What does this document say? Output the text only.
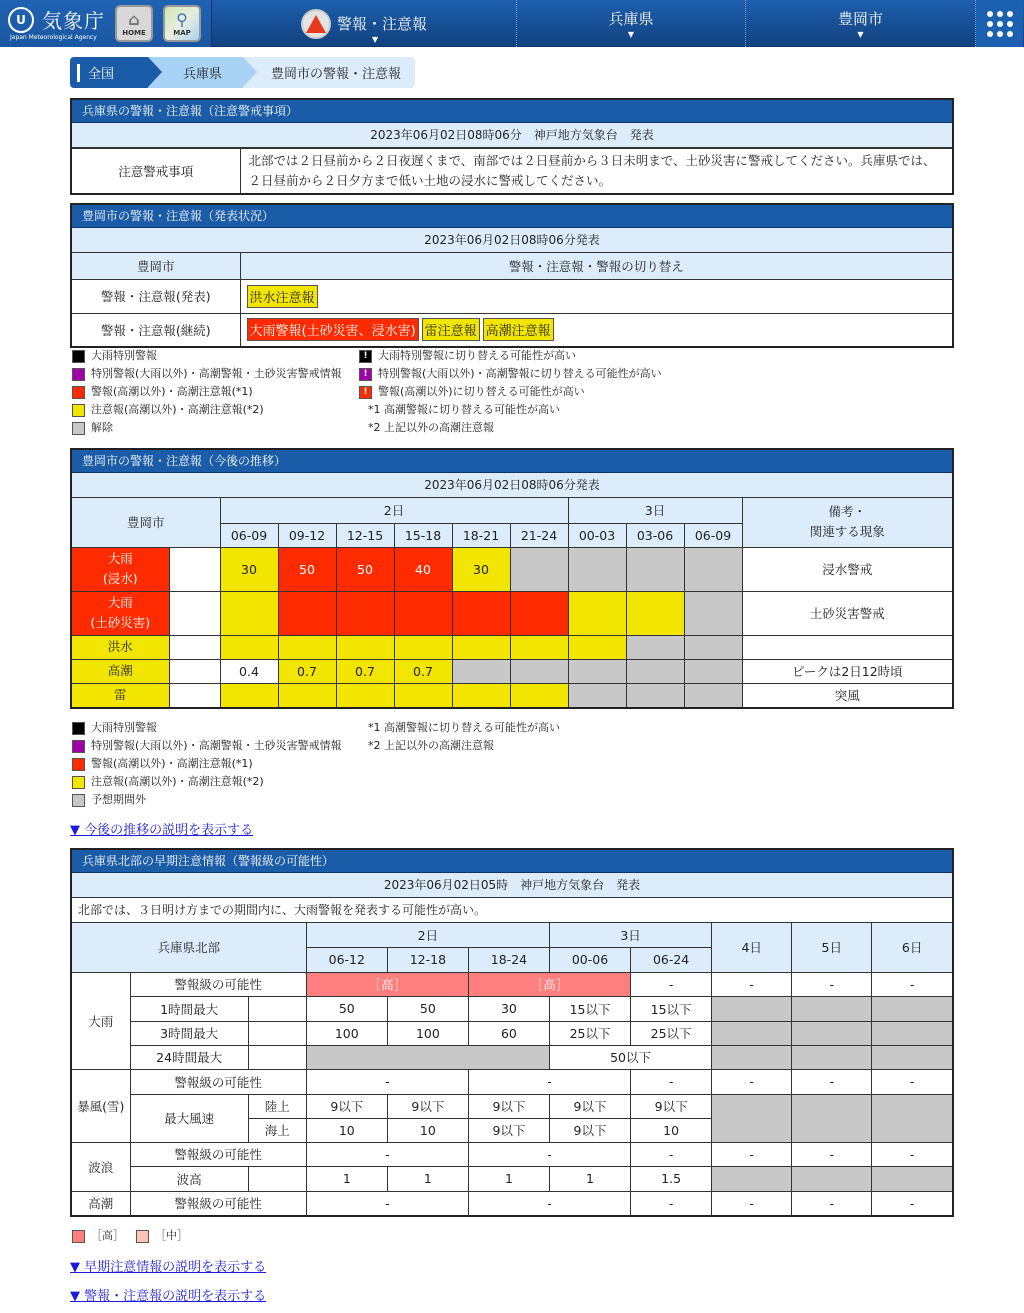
U 気象庁
Japan Meteorological Agency
⌂
HOME
⚲
MAP	警報・注意報
▼
兵庫県
▼
豊岡市
▼
全国	兵庫県	豊岡市の警報・注意報
兵庫県の警報・注意報（注意警戒事項）
2023年06月02日08時06分　神戸地方気象台　発表
注意警戒事項	北部では２日昼前から２日夜遅くまで、南部では２日昼前から３日未明まで、土砂災害に警戒してください。兵庫県では、２日昼前から２日夕方まで低い土地の浸水に警戒してください。
豊岡市の警報・注意報（発表状況）
2023年06月02日08時06分発表
豊岡市	警報・注意報・警報の切り替え
警報・注意報(発表)	洪水注意報
警報・注意報(継続)	大雨警報(土砂災害、浸水害) 雷注意報 高潮注意報
大雨特別警報
特別警報(大雨以外)・高潮警報・土砂災害警戒情報
警報(高潮以外)・高潮注意報(*1)
注意報(高潮以外)・高潮注意報(*2)
解除
! 大雨特別警報に切り替える可能性が高い
! 特別警報(大雨以外)・高潮警報に切り替える可能性が高い
! 警報(高潮以外)に切り替える可能性が高い
*1 高潮警報に切り替える可能性が高い
*2 上記以外の高潮注意報
豊岡市の警報・注意報（今後の推移）
2023年06月02日08時06分発表
豊岡市		2日						3日			備考・
関連する現象
		06-09	09-12	12-15	15-18	18-21	21-24	00-03	03-06	06-09	
大雨
(浸水)		30	50	50	40	30					浸水警戒
大雨
(土砂災害)											土砂災害警戒
洪水											
高潮		0.4	0.7	0.7	0.7						ピークは2日12時頃
雷											突風
大雨特別警報
特別警報(大雨以外)・高潮警報・土砂災害警戒情報
警報(高潮以外)・高潮注意報(*1)
注意報(高潮以外)・高潮注意報(*2)
予想期間外
*1 高潮警報に切り替える可能性が高い
*2 上記以外の高潮注意報
▼ 今後の推移の説明を表示する
兵庫県北部の早期注意情報（警報級の可能性）
2023年06月02日05時　神戸地方気象台　発表
北部では、３日明け方までの期間内に、大雨警報を発表する可能性が高い。
兵庫県北部			2日			3日		4日	5日	6日
			06-12	12-18	18-24	00-06	06-24			
大雨	警報級の可能性		［高］		［高］		-	-	-	-
	1時間最大		50	50	30	15以下	15以下			
	3時間最大		100	100	60	25以下	25以下			
	24時間最大					50以下				
暴風(雪)	警報級の可能性		-		-		-	-	-	-
	最大風速	陸上	9以下	9以下	9以下	9以下	9以下			
		海上	10	10	9以下	9以下	10			
波浪	警報級の可能性		-		-		-	-	-	-
	波高		1	1	1	1	1.5			
高潮	警報級の可能性		-		-		-	-	-	-
［高］	［中］
▼ 早期注意情報の説明を表示する
▼ 警報・注意報の説明を表示する
